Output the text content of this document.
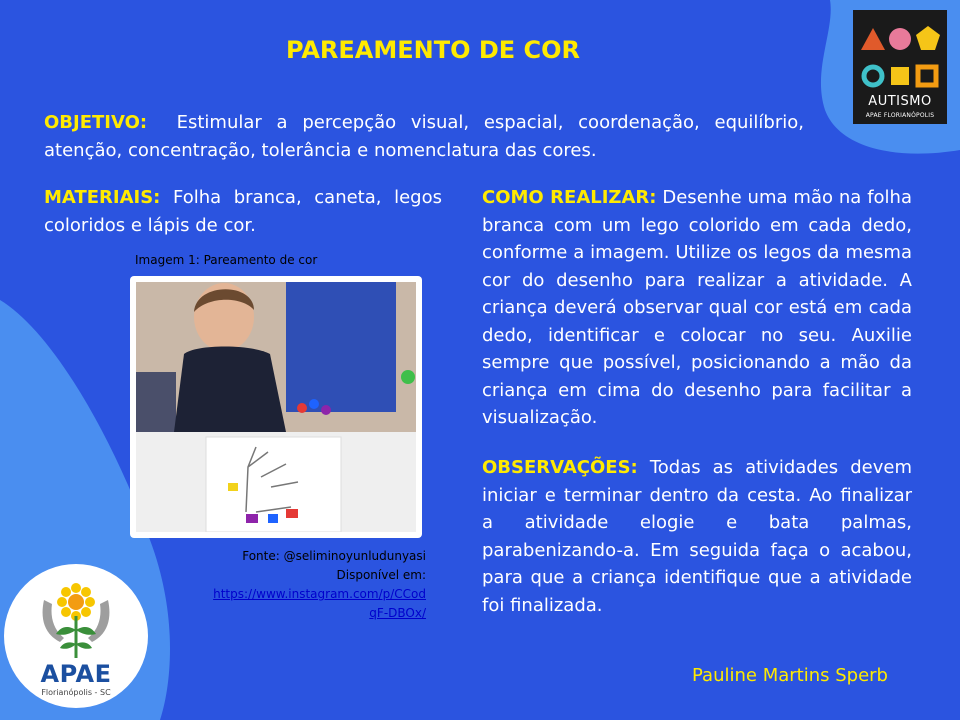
PAREAMENTO DE COR
OBJETIVO: Estimular a percepção visual, espacial, coordenação, equilíbrio, atenção, concentração, tolerância e nomenclatura das cores.
MATERIAIS: Folha branca, caneta, legos coloridos e lápis de cor.
Imagem 1: Pareamento de cor
Fonte: @seliminoyunludunyasi
Disponível em:
https://www.instagram.com/p/CCod
qF-DBOx/
COMO REALIZAR: Desenhe uma mão na folha branca com um lego colorido em cada dedo, conforme a imagem. Utilize os legos da mesma cor do desenho para realizar a atividade. A criança deverá observar qual cor está em cada dedo, identificar e colocar no seu. Auxilie sempre que possível, posicionando a mão da criança em cima do desenho para facilitar a visualização.
OBSERVAÇÕES: Todas as atividades devem iniciar e terminar dentro da cesta. Ao finalizar a atividade elogie e bata palmas, parabenizando-a. Em seguida faça o acabou, para que a criança identifique que a atividade foi finalizada.
Pauline Martins Sperb
AUTISMO
APAE FLORIANÓPOLIS
APAE
Florianópolis - SC
